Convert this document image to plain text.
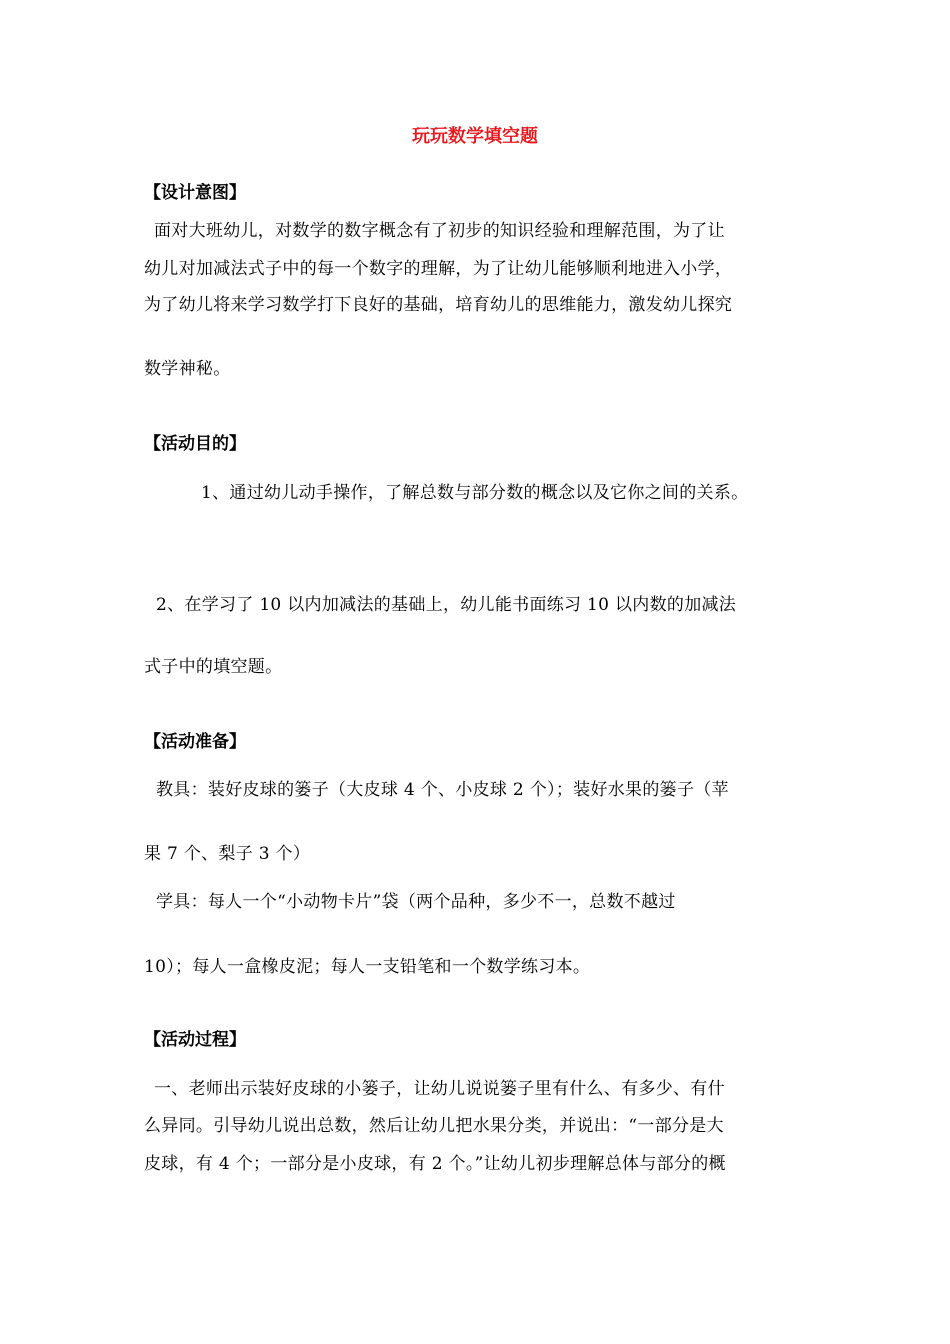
玩玩数学填空题
【设计意图】
面对大班幼儿，对数学的数字概念有了初步的知识经验和理解范围，为了让
幼儿对加减法式子中的每一个数字的理解，为了让幼儿能够顺利地进入小学，
为了幼儿将来学习数学打下良好的基础，培育幼儿的思维能力，激发幼儿探究
数学神秘。
【活动目的】
1、通过幼儿动手操作，了解总数与部分数的概念以及它你之间的关系。
2、在学习了 10 以内加减法的基础上，幼儿能书面练习 10 以内数的加减法
式子中的填空题。
【活动准备】
教具：装好皮球的篓子（大皮球 4 个、小皮球 2 个）；装好水果的篓子（苹
果 7 个、梨子 3 个）
学具：每人一个“小动物卡片”袋（两个品种，多少不一，总数不越过
10）；每人一盒橡皮泥；每人一支铅笔和一个数学练习本。
【活动过程】
一、老师出示装好皮球的小篓子，让幼儿说说篓子里有什么、有多少、有什
么异同。引导幼儿说出总数，然后让幼儿把水果分类，并说出：“一部分是大
皮球，有 4 个；一部分是小皮球，有 2 个。”让幼儿初步理解总体与部分的概
